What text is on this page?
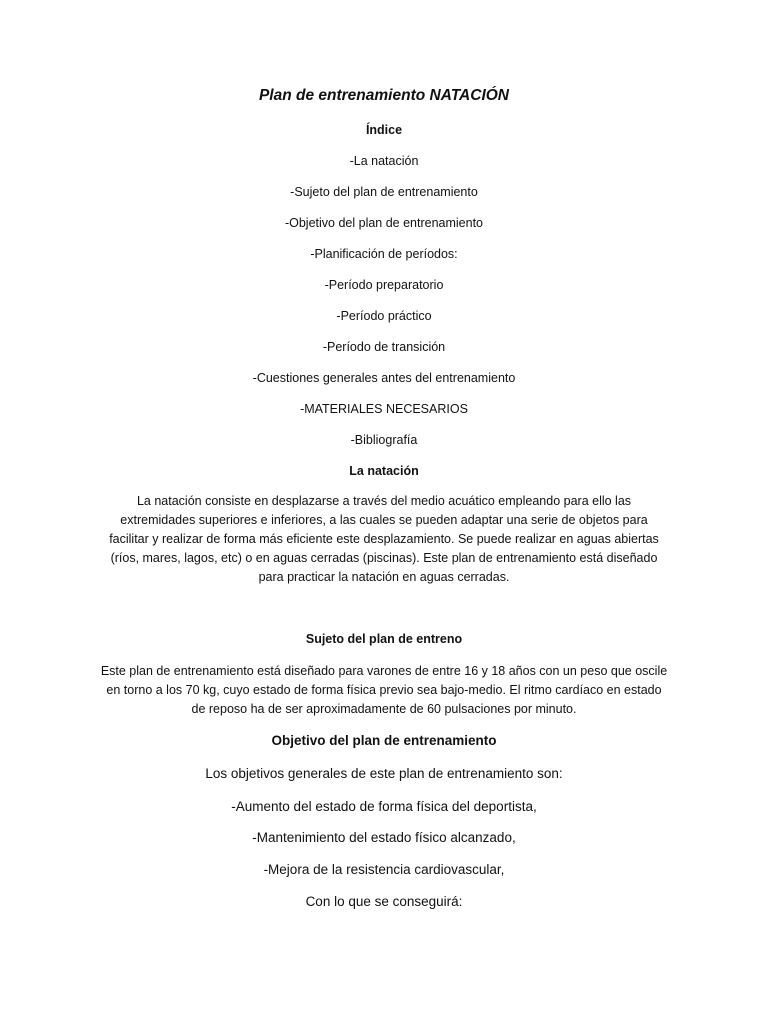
Plan de entrenamiento NATACIÓN
Índice
-La natación
-Sujeto del plan de entrenamiento
-Objetivo del plan de entrenamiento
-Planificación de períodos:
-Período preparatorio
-Período práctico
-Período de transición
-Cuestiones generales antes del entrenamiento
-MATERIALES NECESARIOS
-Bibliografía
La natación
La natación consiste en desplazarse a través del medio acuático empleando para ello las extremidades superiores e inferiores, a las cuales se pueden adaptar una serie de objetos para facilitar y realizar de forma más eficiente este desplazamiento. Se puede realizar en aguas abiertas (ríos, mares, lagos, etc) o en aguas cerradas (piscinas). Este plan de entrenamiento está diseñado para practicar la natación en aguas cerradas.
Sujeto del plan de entreno
Este plan de entrenamiento está diseñado para varones de entre 16 y 18 años con un peso que oscile en torno a los 70 kg, cuyo estado de forma física previo sea bajo-medio. El ritmo cardíaco en estado de reposo ha de ser aproximadamente de 60 pulsaciones por minuto.
Objetivo del plan de entrenamiento
Los objetivos generales de este plan de entrenamiento son:
-Aumento del estado de forma física del deportista,
-Mantenimiento del estado físico alcanzado,
-Mejora de la resistencia cardiovascular,
Con lo que se conseguirá:
